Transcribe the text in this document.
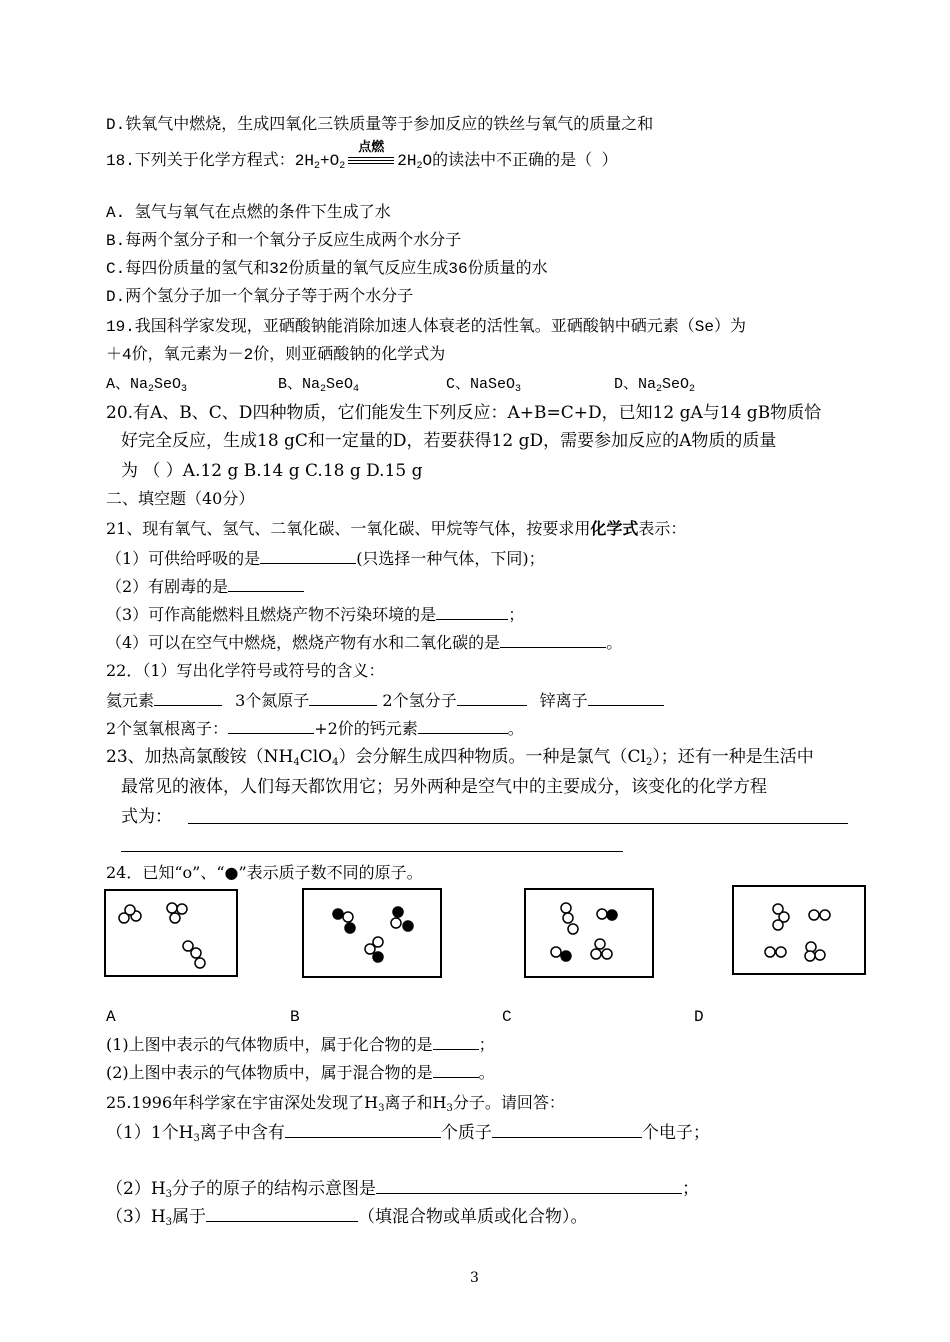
D.铁氧气中燃烧，生成四氧化三铁质量等于参加反应的铁丝与氧气的质量之和
18.下列关于化学方程式：$2H_2+O_2$
点燃
$2H_2O$的读法中不正确的是（ ）
A. 氢气与氧气在点燃的条件下生成了水
B.每两个氢分子和一个氧分子反应生成两个水分子
C.每四份质量的氢气和32份质量的氧气反应生成36份质量的水
D.两个氢分子加一个氧分子等于两个水分子
19.我国科学家发现，亚硒酸钠能消除加速人体衰老的活性氧。亚硒酸钠中硒元素（Se）为
＋4价，氧元素为－2价，则亚硒酸钠的化学式为
A、$Na_2SeO_3$	B、$Na_2SeO_4$	C、NaSeO$_3$	D、$Na_2SeO_2$
20.有A、B、C、D四种物质，它们能发生下列反应：A+B=C+D，已知12 gA与14 gB物质恰
好完全反应，生成18 gC和一定量的D，若要获得12 gD，需要参加反应的A物质的质量
为 （ ）A.12 g B.14 g C.18 g D.15 g
二、填空题（40分）
21、现有氧气、氢气、二氧化碳、一氧化碳、甲烷等气体，按要求用化学式表示：
（1）可供给呼吸的是	(只选择一种气体，下同)；
（2）有剧毒的是
（3）可作高能燃料且燃烧产物不污染环境的是	；
（4）可以在空气中燃烧，燃烧产物有水和二氧化碳的是	。
22．（1）写出化学符号或符号的含义：
氦元素	3个氮原子	2个氢分子	锌离子
2个氢氧根离子：	+2价的钙元素	。
23、加热高氯酸铵$(NH_4ClO_4)$会分解生成四种物质。一种是氯气$(Cl_2)$；还有一种是生活中
最常见的液体，人们每天都饮用它；另外两种是空气中的主要成分，该变化的化学方程
式为：
24．已知“o”、“●”表示质子数不同的原子。
A	B	C	D
(1)上图中表示的气体物质中，属于化合物的是	；
(2)上图中表示的气体物质中，属于混合物的是	。
25.1996年科学家在宇宙深处发现了$H_3$离子和$H_3$分子。请回答：
（1）1个$H_3$离子中含有	个质子	个电子；
$(2)H_3$分子的原子的结构示意图是	；
$(3)H_3$属于	（填混合物或单质或化合物）。
3
